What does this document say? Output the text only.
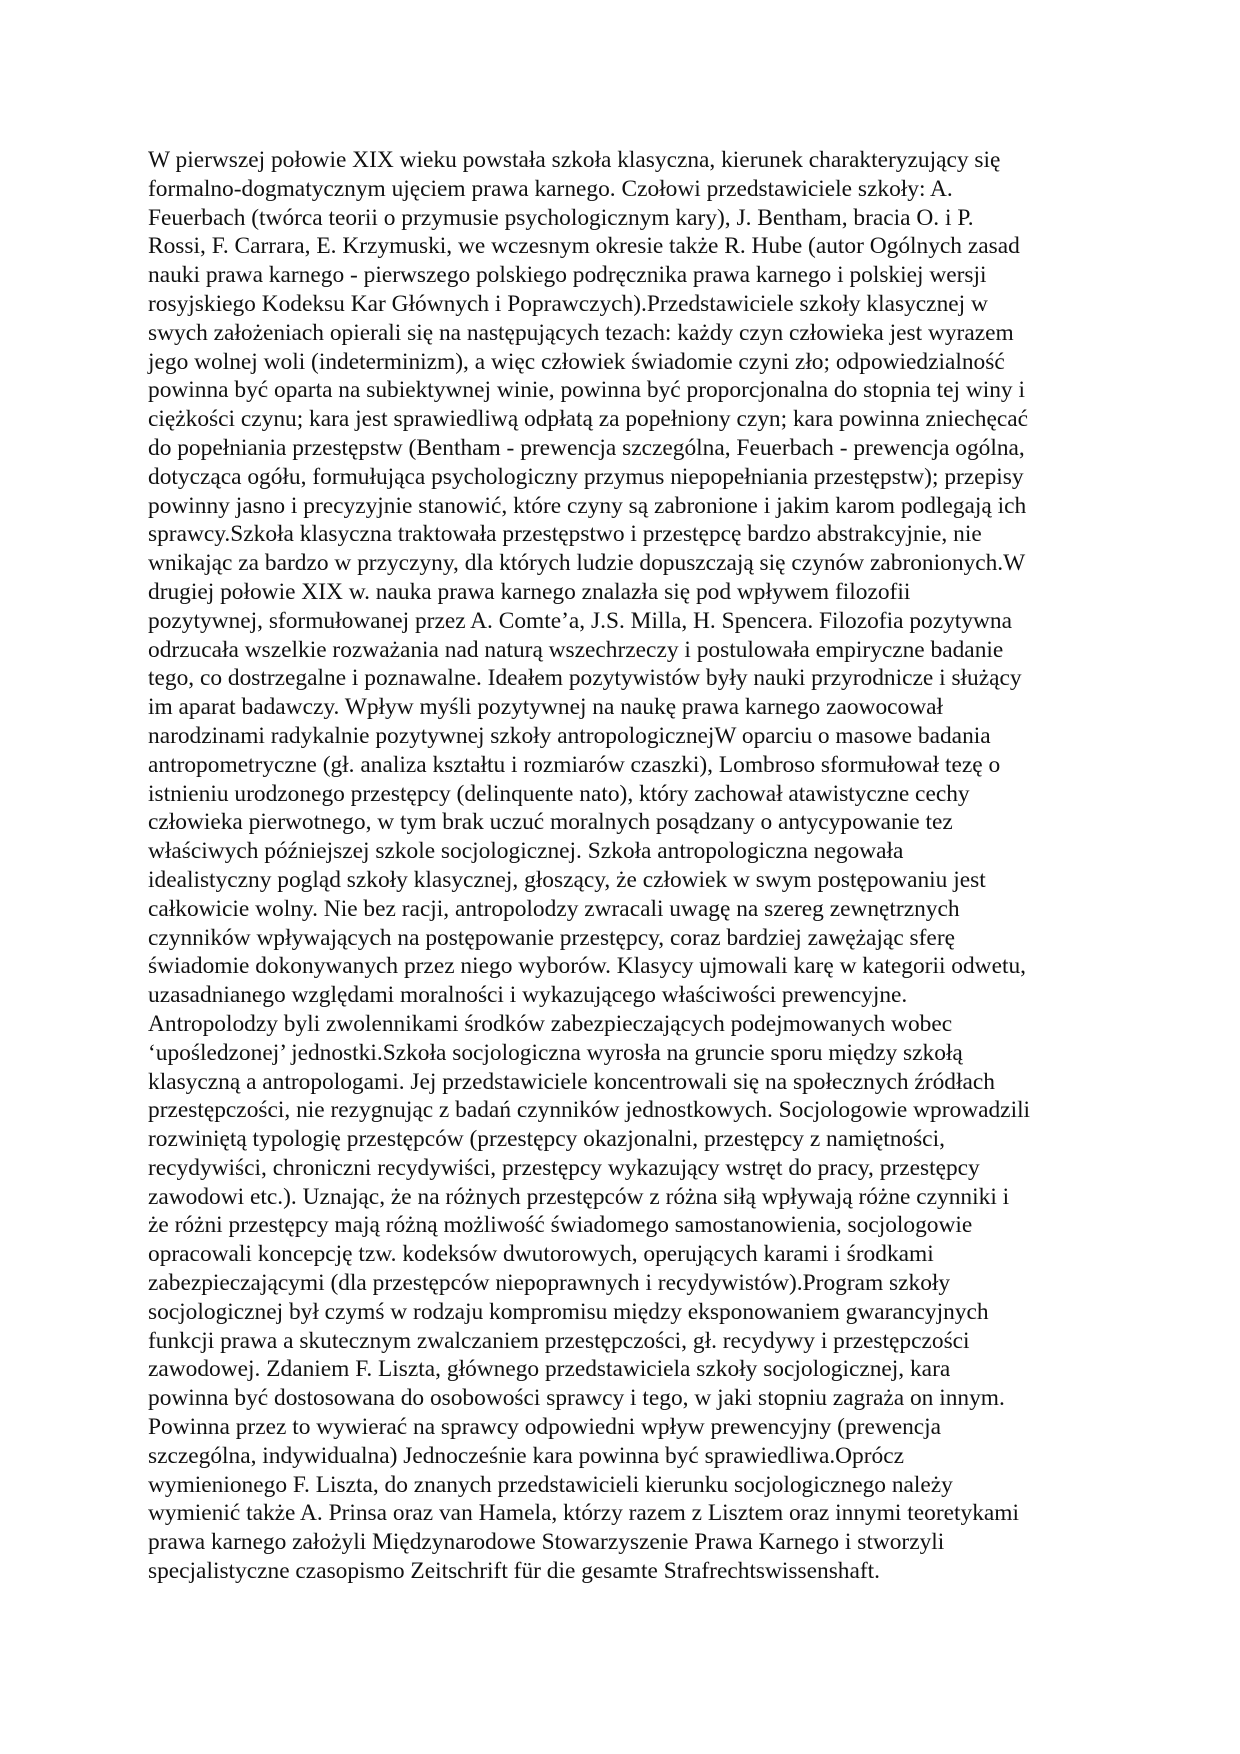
W pierwszej połowie XIX wieku powstała szkoła klasyczna, kierunek charakteryzujący się
formalno-dogmatycznym ujęciem prawa karnego. Czołowi przedstawiciele szkoły: A.
Feuerbach (twórca teorii o przymusie psychologicznym kary), J. Bentham, bracia O. i P.
Rossi, F. Carrara, E. Krzymuski, we wczesnym okresie także R. Hube (autor Ogólnych zasad
nauki prawa karnego - pierwszego polskiego podręcznika prawa karnego i polskiej wersji
rosyjskiego Kodeksu Kar Głównych i Poprawczych).Przedstawiciele szkoły klasycznej w
swych założeniach opierali się na następujących tezach: każdy czyn człowieka jest wyrazem
jego wolnej woli (indeterminizm), a więc człowiek świadomie czyni zło; odpowiedzialność
powinna być oparta na subiektywnej winie, powinna być proporcjonalna do stopnia tej winy i
ciężkości czynu; kara jest sprawiedliwą odpłatą za popełniony czyn; kara powinna zniechęcać
do popełniania przestępstw (Bentham - prewencja szczególna, Feuerbach - prewencja ogólna,
dotycząca ogółu, formułująca psychologiczny przymus niepopełniania przestępstw); przepisy
powinny jasno i precyzyjnie stanowić, które czyny są zabronione i jakim karom podlegają ich
sprawcy.Szkoła klasyczna traktowała przestępstwo i przestępcę bardzo abstrakcyjnie, nie
wnikając za bardzo w przyczyny, dla których ludzie dopuszczają się czynów zabronionych.W
drugiej połowie XIX w. nauka prawa karnego znalazła się pod wpływem filozofii
pozytywnej, sformułowanej przez A. Comte’a, J.S. Milla, H. Spencera. Filozofia pozytywna
odrzucała wszelkie rozważania nad naturą wszechrzeczy i postulowała empiryczne badanie
tego, co dostrzegalne i poznawalne. Ideałem pozytywistów były nauki przyrodnicze i służący
im aparat badawczy. Wpływ myśli pozytywnej na naukę prawa karnego zaowocował
narodzinami radykalnie pozytywnej szkoły antropologicznejW oparciu o masowe badania
antropometryczne (gł. analiza kształtu i rozmiarów czaszki), Lombroso sformułował tezę o
istnieniu urodzonego przestępcy (delinquente nato), który zachował atawistyczne cechy
człowieka pierwotnego, w tym brak uczuć moralnych posądzany o antycypowanie tez
właściwych późniejszej szkole socjologicznej. Szkoła antropologiczna negowała
idealistyczny pogląd szkoły klasycznej, głoszący, że człowiek w swym postępowaniu jest
całkowicie wolny. Nie bez racji, antropolodzy zwracali uwagę na szereg zewnętrznych
czynników wpływających na postępowanie przestępcy, coraz bardziej zawężając sferę
świadomie dokonywanych przez niego wyborów. Klasycy ujmowali karę w kategorii odwetu,
uzasadnianego względami moralności i wykazującego właściwości prewencyjne.
Antropolodzy byli zwolennikami środków zabezpieczających podejmowanych wobec
‘upośledzonej’ jednostki.Szkoła socjologiczna wyrosła na gruncie sporu między szkołą
klasyczną a antropologami. Jej przedstawiciele koncentrowali się na społecznych źródłach
przestępczości, nie rezygnując z badań czynników jednostkowych. Socjologowie wprowadzili
rozwiniętą typologię przestępców (przestępcy okazjonalni, przestępcy z namiętności,
recydywiści, chroniczni recydywiści, przestępcy wykazujący wstręt do pracy, przestępcy
zawodowi etc.). Uznając, że na różnych przestępców z różna siłą wpływają różne czynniki i
że różni przestępcy mają różną możliwość świadomego samostanowienia, socjologowie
opracowali koncepcję tzw. kodeksów dwutorowych, operujących karami i środkami
zabezpieczającymi (dla przestępców niepoprawnych i recydywistów).Program szkoły
socjologicznej był czymś w rodzaju kompromisu między eksponowaniem gwarancyjnych
funkcji prawa a skutecznym zwalczaniem przestępczości, gł. recydywy i przestępczości
zawodowej. Zdaniem F. Liszta, głównego przedstawiciela szkoły socjologicznej, kara
powinna być dostosowana do osobowości sprawcy i tego, w jaki stopniu zagraża on innym.
Powinna przez to wywierać na sprawcy odpowiedni wpływ prewencyjny (prewencja
szczególna, indywidualna) Jednocześnie kara powinna być sprawiedliwa.Oprócz
wymienionego F. Liszta, do znanych przedstawicieli kierunku socjologicznego należy
wymienić także A. Prinsa oraz van Hamela, którzy razem z Lisztem oraz innymi teoretykami
prawa karnego założyli Międzynarodowe Stowarzyszenie Prawa Karnego i stworzyli
specjalistyczne czasopismo Zeitschrift für die gesamte Strafrechtswissenshaft.
